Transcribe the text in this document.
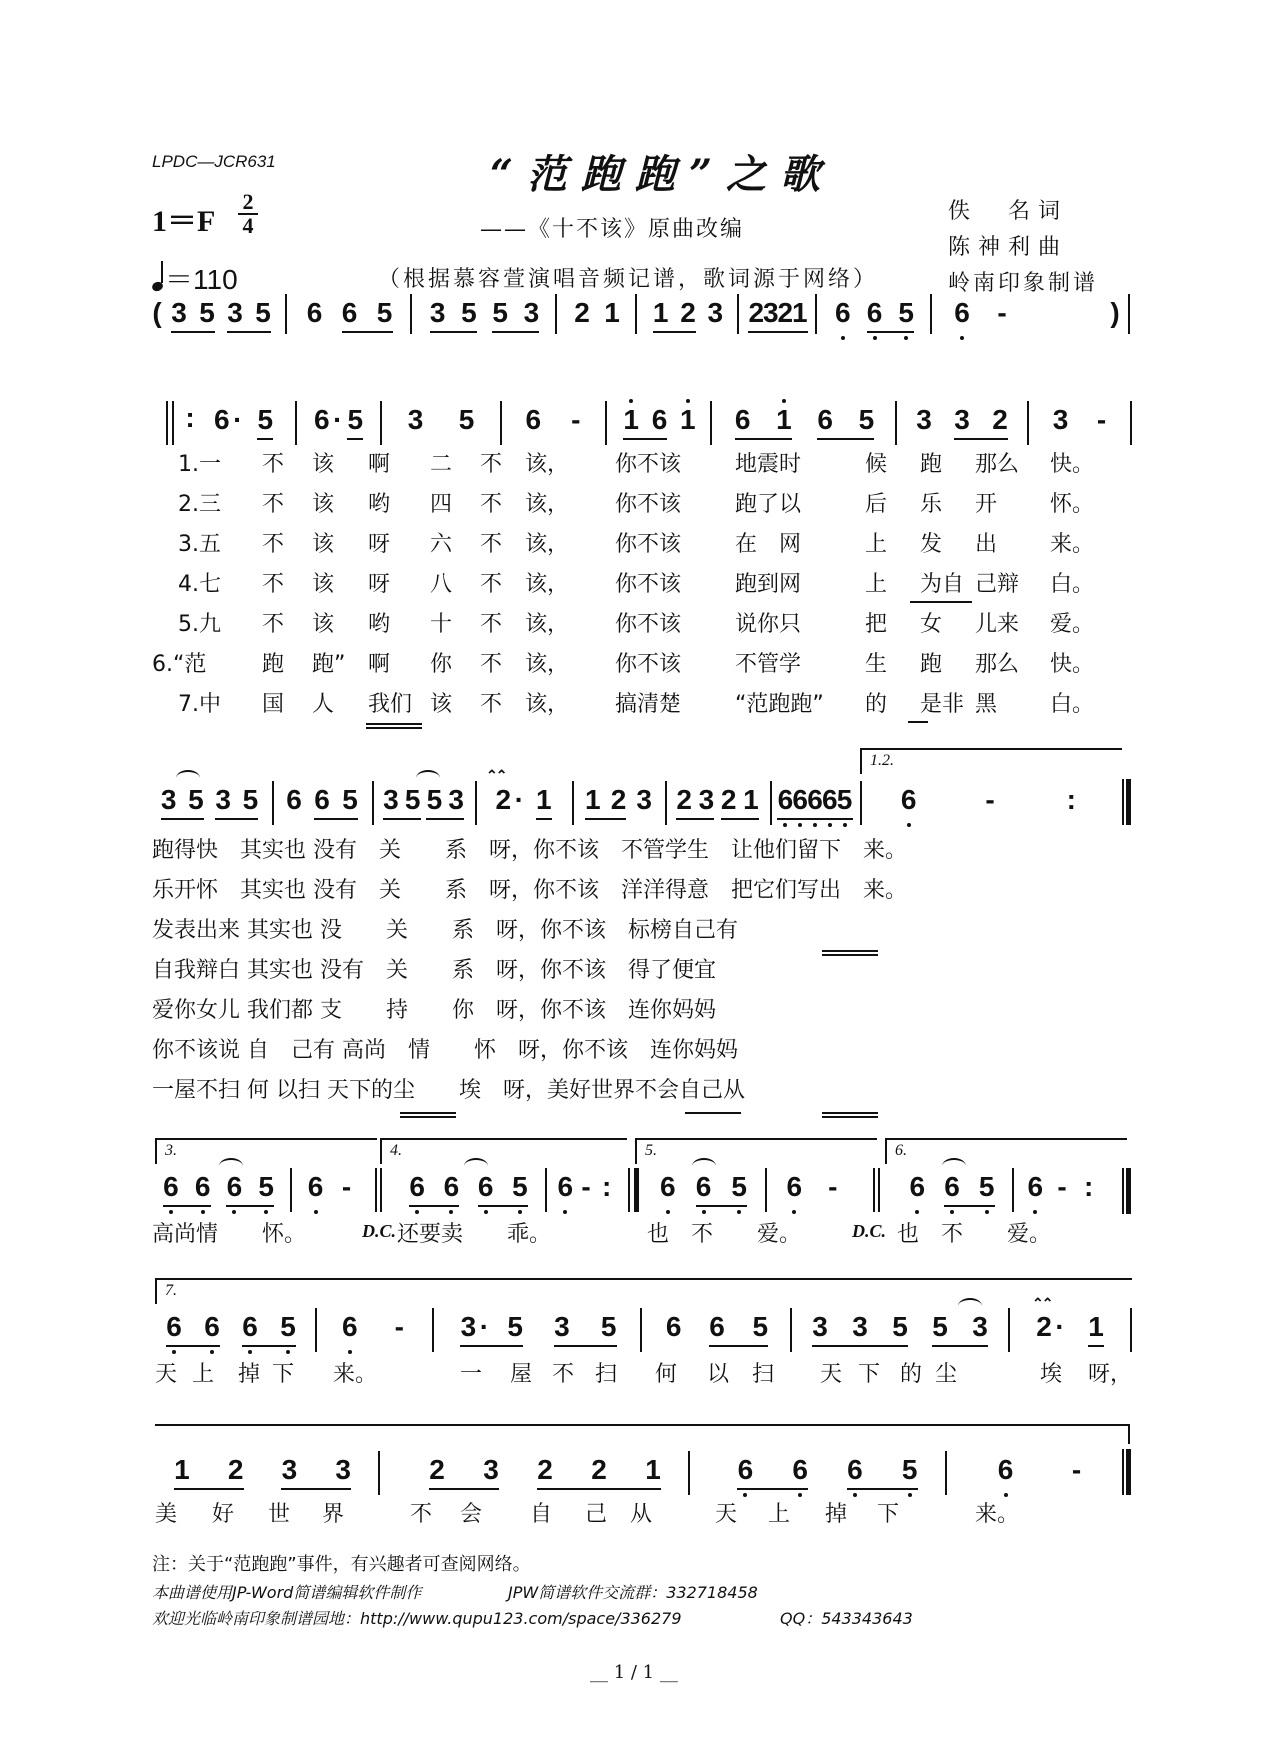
LPDC—JCR631	“范跑跑”之歌
——《十不该》原曲改编
（根据慕容萱演唱音频记谱，歌词源于网络）
佚　名词
陈神利曲
岭南印象制谱
1＝F
2
4
＝110
( 3 5 3 5 6 6 5 3 5 5 3 2 1 1 2 3 2
3
2
1 6 6 5 6 -	)
: 6 · 5 6 · 5 3 5 6 - 1 6 1 6 1 6 5 3 3 2 3 -
1.一 不 该 啊 二 不 该， 你不该 地震时	候 跑 那么 快。
2.三 不 该 哟 四 不 该， 你不该 跑了以	后 乐 开 怀。
3.五 不 该 呀 六 不 该， 你不该 在　网	上 发 出 来。
4.七 不 该 呀 八 不 该， 你不该 跑到网	上 为自 己辩 白。
5.九 不 该 哟 十 不 该， 你不该 说你只	把 女 儿来 爱。
6.“范	跑 跑” 啊 你 不 该， 你不该 不管学	生 跑 那么 快。
7.中 国 人 我们 该 不 该， 搞清楚 “范跑跑” 的 是非 黑 白。
3 5 3 5 6 6 5 3 5 5 3 2 · 1 1 2 3 2 3 2 1 6 6 6 6 5 6 -	:
1.2.
⌃⌃
跑得快　其实也 没有　关　　系　呀，你不该　不管学生　让他们留下　来。
乐开怀　其实也 没有　关　　系　呀，你不该　洋洋得意　把它们写出　来。
发表出来 其实也 没　　关　　系　呀，你不该　标榜自己有
自我辩白 其实也 没有　关　　系　呀，你不该　得了便宜
爱你女儿 我们都 支　　持　　你　呀，你不该　连你妈妈
你不该说 自　己有 高尚　情　　怀　呀，你不该　连你妈妈
一屋不扫 何 以扫 天下的尘　　埃　呀，美好世界不会自己从
3.
6 6 6 5 6 -
高尚情　　怀。	D.C.
4.
6 6 6 5 6 - :
还要卖　　乖。
5.
6 6 5 6 -
也　不　　爱。	D.C.
6.
6 6 5 6 - :
也　不　　爱。
7.
6 6 6 5 6 - 3 · 5 3 5 6 6 5 3 3 5 5 3 2 · 1
⌃⌃
天 上 掉 下 来。	一 屋 不 扫 何 以 扫 天 下 的 尘	埃 呀，
1 2 3 3	2 3 2 2 1	6 6 6 5	6 -
美 好 世 界	不 会 自 己 从	天 上 掉 下	来。
注：关于“范跑跑”事件，有兴趣者可查阅网络。
本曲谱使用JP-Word简谱编辑软件制作	JPW简谱软件交流群：332718458
欢迎光临岭南印象制谱园地：http://www.qupu123.com/space/336279	QQ：543343643
__ 1 / 1 __
